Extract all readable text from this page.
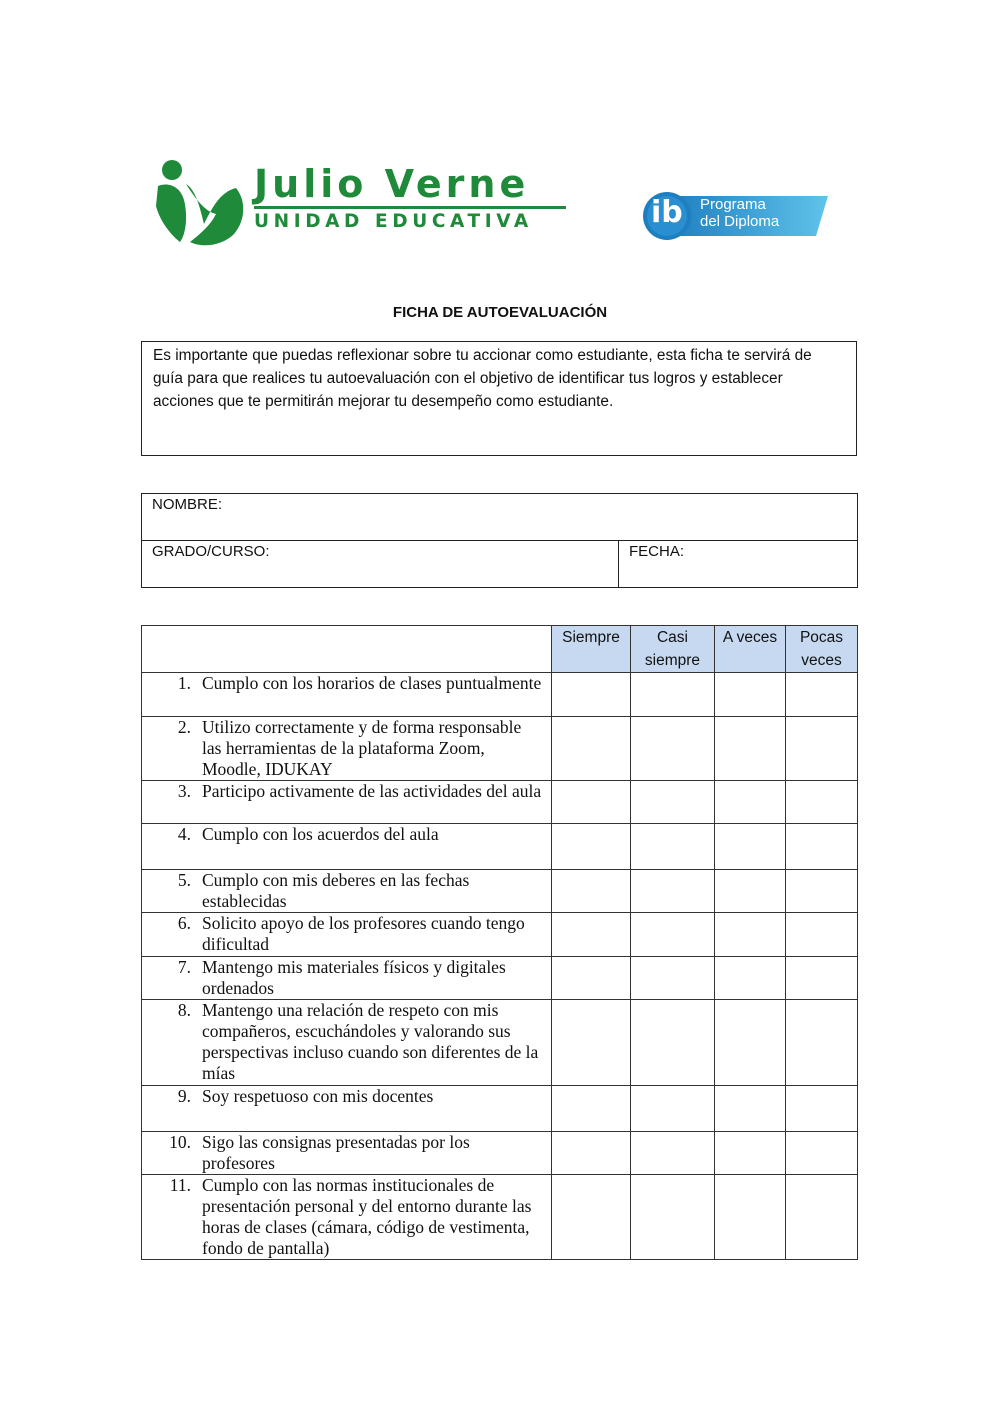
Julio Verne
UNIDAD EDUCATIVA	ib Programa
del Diploma
FICHA DE AUTOEVALUACIÓN
Es importante que puedas reflexionar sobre tu accionar como estudiante, esta ficha te servirá de guía para que realices tu autoevaluación con el objetivo de identificar tus logros y establecer acciones que te permitirán mejorar tu desempeño como estudiante.
NOMBRE:
GRADO/CURSO:	FECHA:
	Siempre	Casi siempre	A veces	Pocas veces

1. Cumplo con los horarios de clases puntualmente				

2. Utilizo correctamente y de forma responsable las herramientas de la plataforma Zoom, Moodle, IDUKAY				

3. Participo activamente de las actividades del aula				

4. Cumplo con los acuerdos del aula				

5. Cumplo con mis deberes en las fechas establecidas				

6. Solicito apoyo de los profesores cuando tengo dificultad				

7. Mantengo mis materiales físicos y digitales ordenados				

8. Mantengo una relación de respeto con mis compañeros, escuchándoles y valorando sus perspectivas incluso cuando son diferentes de la mías				

9. Soy respetuoso con mis docentes				

10. Sigo las consignas presentadas por los profesores				

11. Cumplo con las normas institucionales de presentación personal y del entorno durante las horas de clases (cámara, código de vestimenta, fondo de pantalla)				
